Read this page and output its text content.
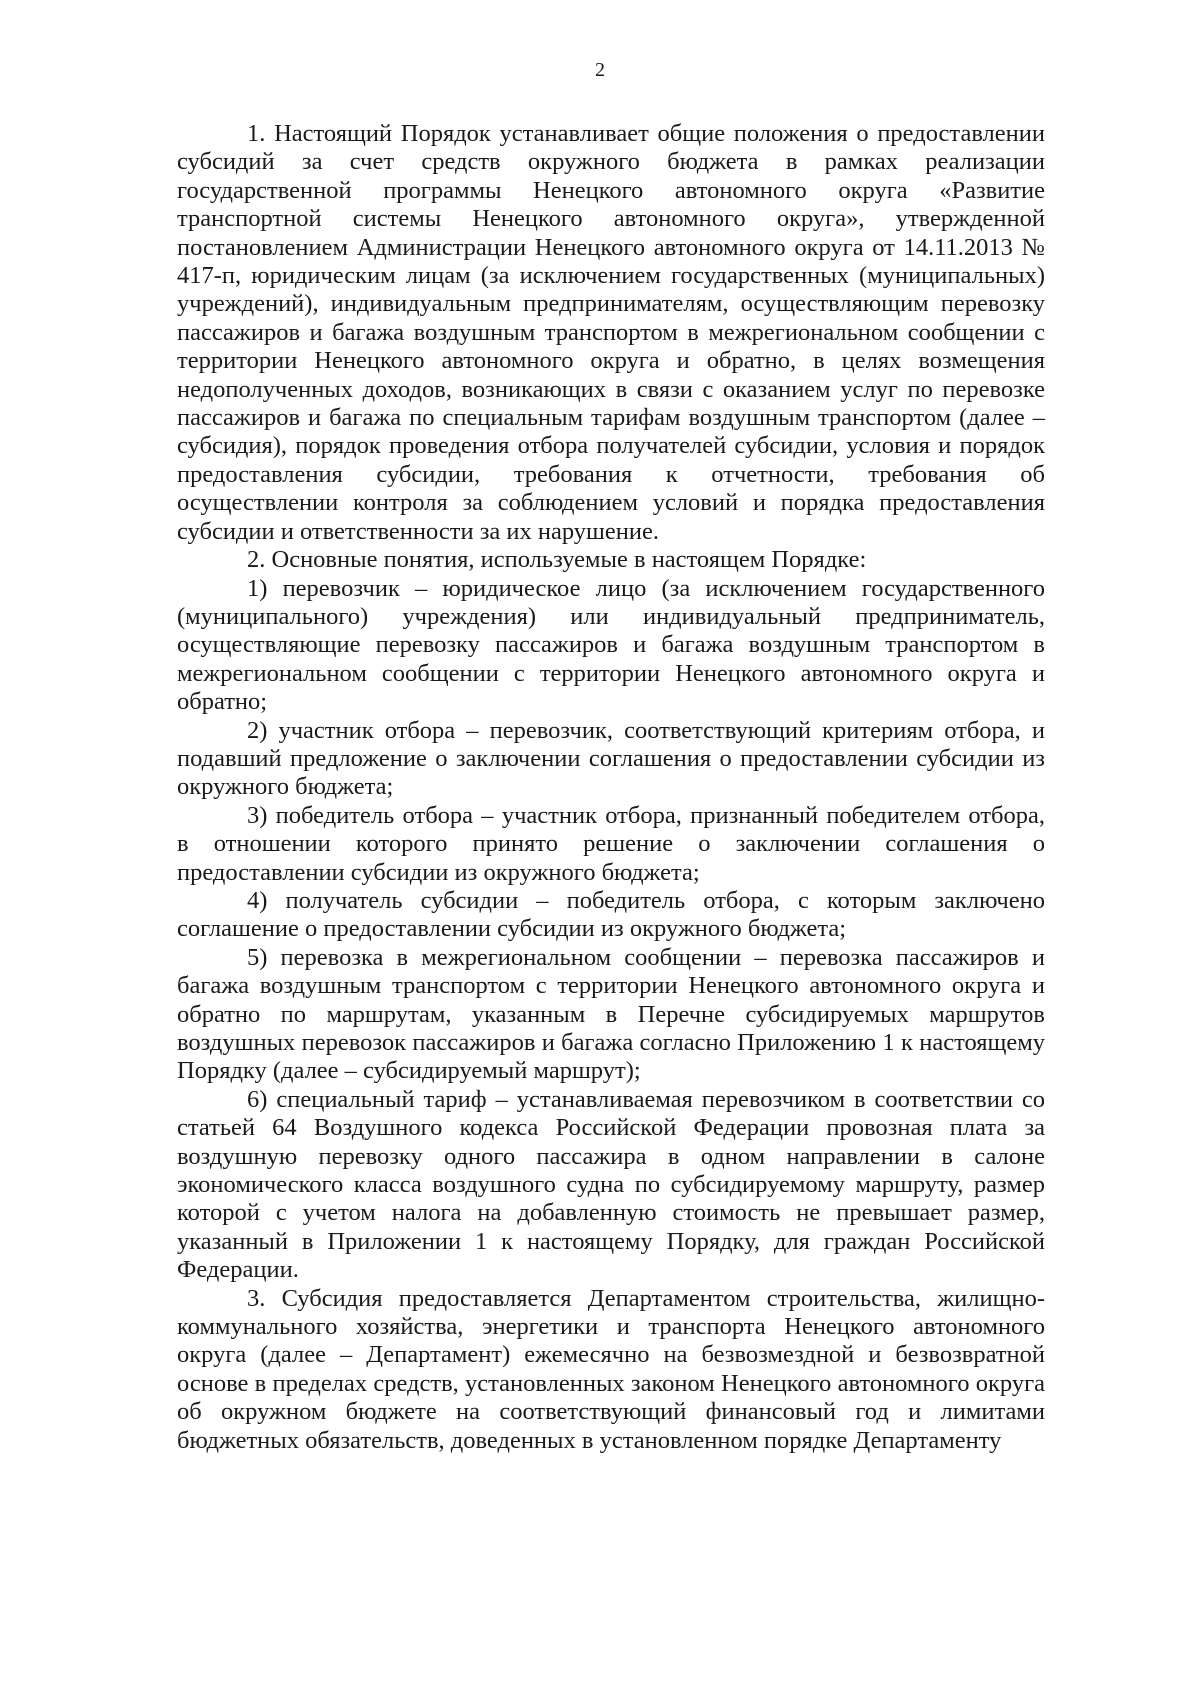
2

1. Настоящий Порядок устанавливает общие положения о предоставлении субсидий за счет средств окружного бюджета в рамках реализации государственной программы Ненецкого автономного округа «Развитие транспортной системы Ненецкого автономного округа», утвержденной постановлением Администрации Ненецкого автономного округа от 14.11.2013 № 417-п, юридическим лицам (за исключением государственных (муниципальных) учреждений), индивидуальным предпринимателям, осуществляющим перевозку пассажиров и багажа воздушным транспортом в межрегиональном сообщении с территории Ненецкого автономного округа и обратно, в целях возмещения недополученных доходов, возникающих в связи с оказанием услуг по перевозке пассажиров и багажа по специальным тарифам воздушным транспортом (далее – субсидия), порядок проведения отбора получателей субсидии, условия и порядок предоставления субсидии, требования к отчетности, требования об осуществлении контроля за соблюдением условий и порядка предоставления субсидии и ответственности за их нарушение.

2. Основные понятия, используемые в настоящем Порядке:

1) перевозчик – юридическое лицо (за исключением государственного (муниципального) учреждения) или индивидуальный предприниматель, осуществляющие перевозку пассажиров и багажа воздушным транспортом в межрегиональном сообщении с территории Ненецкого автономного округа и обратно;

2) участник отбора – перевозчик, соответствующий критериям отбора, и подавший предложение о заключении соглашения о предоставлении субсидии из окружного бюджета;

3) победитель отбора – участник отбора, признанный победителем отбора, в отношении которого принято решение о заключении соглашения о предоставлении субсидии из окружного бюджета;

4) получатель субсидии – победитель отбора, с которым заключено соглашение о предоставлении субсидии из окружного бюджета;

5) перевозка в межрегиональном сообщении – перевозка пассажиров и багажа воздушным транспортом с территории Ненецкого автономного округа и обратно по маршрутам, указанным в Перечне субсидируемых маршрутов воздушных перевозок пассажиров и багажа согласно Приложению 1 к настоящему Порядку (далее – субсидируемый маршрут);

6) специальный тариф – устанавливаемая перевозчиком в соответствии со статьей 64 Воздушного кодекса Российской Федерации провозная плата за воздушную перевозку одного пассажира в одном направлении в салоне экономического класса воздушного судна по субсидируемому маршруту, размер которой с учетом налога на добавленную стоимость не превышает размер, указанный в Приложении 1 к настоящему Порядку, для граждан Российской Федерации.

3. Субсидия предоставляется Департаментом строительства, жилищно-коммунального хозяйства, энергетики и транспорта Ненецкого автономного округа (далее – Департамент) ежемесячно на безвозмездной и безвозвратной основе в пределах средств, установленных законом Ненецкого автономного округа об окружном бюджете на соответствующий финансовый год и лимитами бюджетных обязательств, доведенных в установленном порядке Департаменту
